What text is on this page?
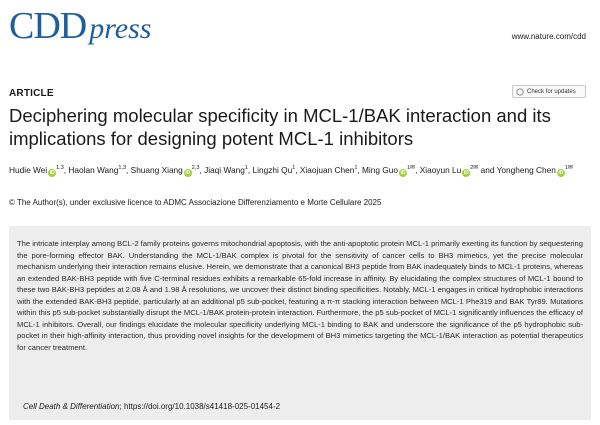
CDD press	www.nature.com/cdd
ARTICLE	Check for updates
Deciphering molecular specificity in MCL-1/BAK interaction and its implications for designing potent MCL-1 inhibitors
Hudie Wei iD$^{1,3}$, Haolan Wang$^{1,3}$, Shuang Xiang iD$^{2,3}$, Jiaqi Wang$^1$, Lingzhi Qu$^1$, Xiaojuan Chen$^1$, Ming Guo $iD^{1✉}$, Xiaoyun Lu $iD^{2✉}$ and Yongheng Chen $iD^{1✉}$
© The Author(s), under exclusive licence to ADMC Associazione Differenziamento e Morte Cellulare 2025

The intricate interplay among BCL-2 family proteins governs mitochondrial apoptosis, with the anti-apoptotic protein MCL-1 primarily exerting its function by sequestering the pore-forming effector BAK. Understanding the MCL-1/BAK complex is pivotal for the sensitivity of cancer cells to BH3 mimetics, yet the precise molecular mechanism underlying their interaction remains elusive. Herein, we demonstrate that a canonical BH3 peptide from BAK inadequately binds to MCL-1 proteins, whereas an extended BAK-BH3 peptide with five C-terminal residues exhibits a remarkable 65-fold increase in affinity. By elucidating the complex structures of MCL-1 bound to these two BAK-BH3 peptides at 2.08 Å and 1.98 Å resolutions, we uncover their distinct binding specificities. Notably, MCL-1 engages in critical hydrophobic interactions with the extended BAK-BH3 peptide, particularly at an additional p5 sub-pocket, featuring a π-π stacking interaction between MCL-1 Phe319 and BAK Tyr89. Mutations within this p5 sub-pocket substantially disrupt the MCL-1/BAK protein-protein interaction. Furthermore, the p5 sub-pocket of MCL-1 significantly influences the efficacy of MCL-1 inhibitors. Overall, our findings elucidate the molecular specificity underlying MCL-1 binding to BAK and underscore the significance of the p5 hydrophobic sub-pocket in their high-affinity interaction, thus providing novel insights for the development of BH3 mimetics targeting the MCL-1/BAK interaction as potential therapeutics for cancer treatment.

Cell Death & Differentiation; https://doi.org/10.1038/s41418-025-01454-2
